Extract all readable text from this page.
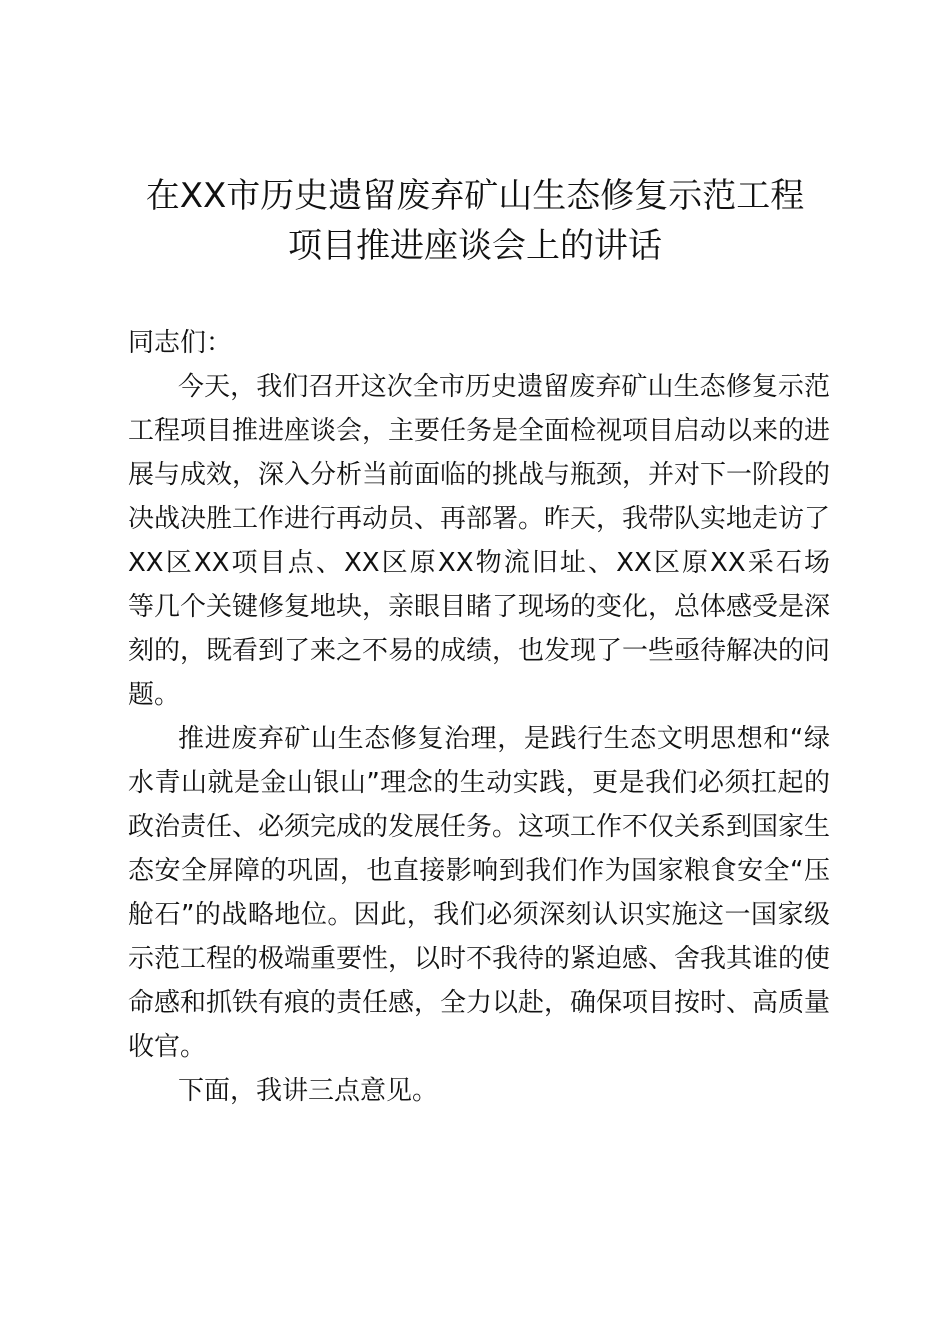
在XX市历史遗留废弃矿山生态修复示范工程
项目推进座谈会上的讲话
同志们：
今天，我们召开这次全市历史遗留废弃矿山生态修复示范
工程项目推进座谈会，主要任务是全面检视项目启动以来的进
展与成效，深入分析当前面临的挑战与瓶颈，并对下一阶段的
决战决胜工作进行再动员、再部署。昨天，我带队实地走访了
XX区XX项目点、XX区原XX物流旧址、XX区原XX采石场
等几个关键修复地块，亲眼目睹了现场的变化，总体感受是深
刻的，既看到了来之不易的成绩，也发现了一些亟待解决的问
题。
推进废弃矿山生态修复治理，是践行生态文明思想和“绿
水青山就是金山银山”理念的生动实践，更是我们必须扛起的
政治责任、必须完成的发展任务。这项工作不仅关系到国家生
态安全屏障的巩固，也直接影响到我们作为国家粮食安全“压
舱石”的战略地位。因此，我们必须深刻认识实施这一国家级
示范工程的极端重要性，以时不我待的紧迫感、舍我其谁的使
命感和抓铁有痕的责任感，全力以赴，确保项目按时、高质量
收官。
下面，我讲三点意见。
